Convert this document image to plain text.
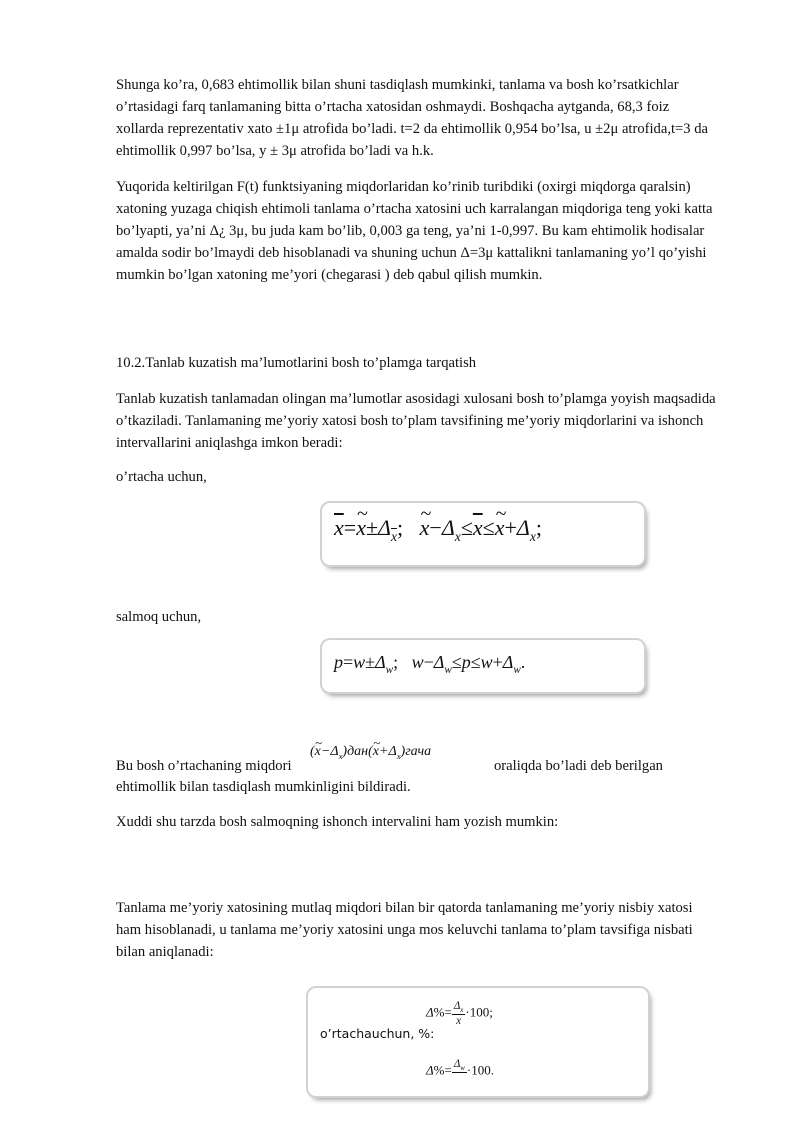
Shunga ko’ra, 0,683 ehtimollik bilan shuni tasdiqlash mumkinki, tanlama va bosh ko’rsatkichlar o’rtasidagi farq tanlamaning bitta o’rtacha xatosidan oshmaydi. Boshqacha aytganda, 68,3 foiz xollarda reprezentativ xato ±1μ atrofida bo’ladi. t=2 da ehtimollik 0,954 bo’lsa, u ±2μ atrofida,t=3 da ehtimollik 0,997 bo’lsa, y ± 3μ atrofida bo’ladi va h.k.

Yuqorida keltirilgan F(t) funktsiyaning miqdorlaridan ko’rinib turibdiki (oxirgi miqdorga qaralsin) xatoning yuzaga chiqish ehtimoli tanlama o’rtacha xatosini uch karralangan miqdoriga teng yoki katta bo’lyapti, ya’ni Δ¿ 3μ, bu juda kam bo’lib, 0,003 ga teng, ya’ni 1-0,997. Bu kam ehtimolik hodisalar amalda sodir bo’lmaydi deb hisoblanadi va shuning uchun Δ=3μ kattalikni tanlamaning yo’l qo’yishi mumkin bo’lgan xatoning me’yori (chegarasi ) deb qabul qilish mumkin.

10.2.Tanlab kuzatish ma’lumotlarini bosh to’plamga tarqatish

Tanlab kuzatish tanlamadan olingan ma’lumotlar asosidagi xulosani bosh to’plamga yoyish maqsadida o’tkaziladi. Tanlamaning me’yoriy xatosi bosh to’plam tavsifining me’yoriy miqdorlarini va ishonch intervallarini aniqlashga imkon beradi:

o’rtacha uchun,

$\overline{x}=\sim$ $x\pm\Delta_{\overline{x}}$; ~ $x-\Delta_x\le\overline{x}\le\sim$ $x+\Delta_x$;

salmoq uchun,

$p=w\pm\Delta_w$;   $w-\Delta_w\le p\le w+\Delta_w$.

Bu bosh o’rtachaning miqdori

(~ $x-\Delta_x)дан(\sim$ $x+\Delta_x)гача$

oraliqda bo’ladi deb berilgan

ehtimollik bilan tasdiqlash mumkinligini bildiradi.

Xuddi shu tarzda bosh salmoqning ishonch intervalini ham yozish mumkin:

Tanlama me’yoriy xatosining mutlaq miqdori bilan bir qatorda tanlamaning me’yoriy nisbiy xatosi ham hisoblanadi, u tanlama me’yoriy xatosini unga mos keluvchi tanlama to’plam tavsifiga nisbati bilan aniqlanadi:

o’rtachauchun, %:
$\Delta\%= \frac{\Delta_x}{x} \cdot 100$;
$\Delta\%= \Delta_w$
·100.
